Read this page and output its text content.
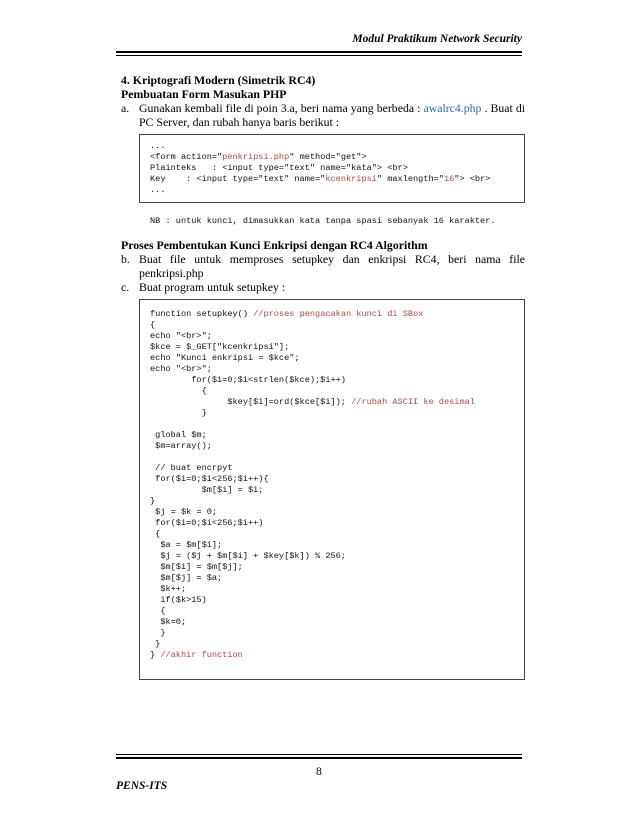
Modul Praktikum Network Security
4. Kriptografi Modern (Simetrik RC4)
Pembuatan Form Masukan PHP
a. Gunakan kembali file di poin 3.a, beri nama yang berbeda : awalrc4.php . Buat di PC Server, dan rubah hanya baris berikut :
...
<form action="penkripsi.php" method="get">
Plainteks   : <input type="text" name="kata"> <br>
Key    : <input type="text" name="kcenkripsi" maxlength="16"> <br>
...
NB : untuk kunci, dimasukkan kata tanpa spasi sebanyak 16 karakter.
Proses Pembentukan Kunci Enkripsi dengan RC4 Algorithm
b. Buat file untuk memproses setupkey dan enkripsi RC4, beri nama file penkripsi.php
c. Buat program untuk setupkey :
function setupkey() //proses pengacakan kunci di SBox
{
echo "<br>";
$kce = $_GET["kcenkripsi"];
echo "Kunci enkripsi = $kce";
echo "<br>";
for($i=0;$i<strlen($kce);$i++)
{
$key[$i]=ord($kce[$i]); //rubah ASCII ke desimal
}

global $m;
$m=array();

// buat encrpyt
for($i=0;$i<256;$i++){
$m[$i] = $i;
}
$j = $k = 0;
for($i=0;$i<256;$i++)
{
$a = $m[$i];
$j = ($j + $m[$i] + $key[$k]) % 256;
$m[$i] = $m[$j];
$m[$j] = $a;
$k++;
if($k>15)
{
$k=0;
}
}
} //akhir function
8
PENS-ITS
